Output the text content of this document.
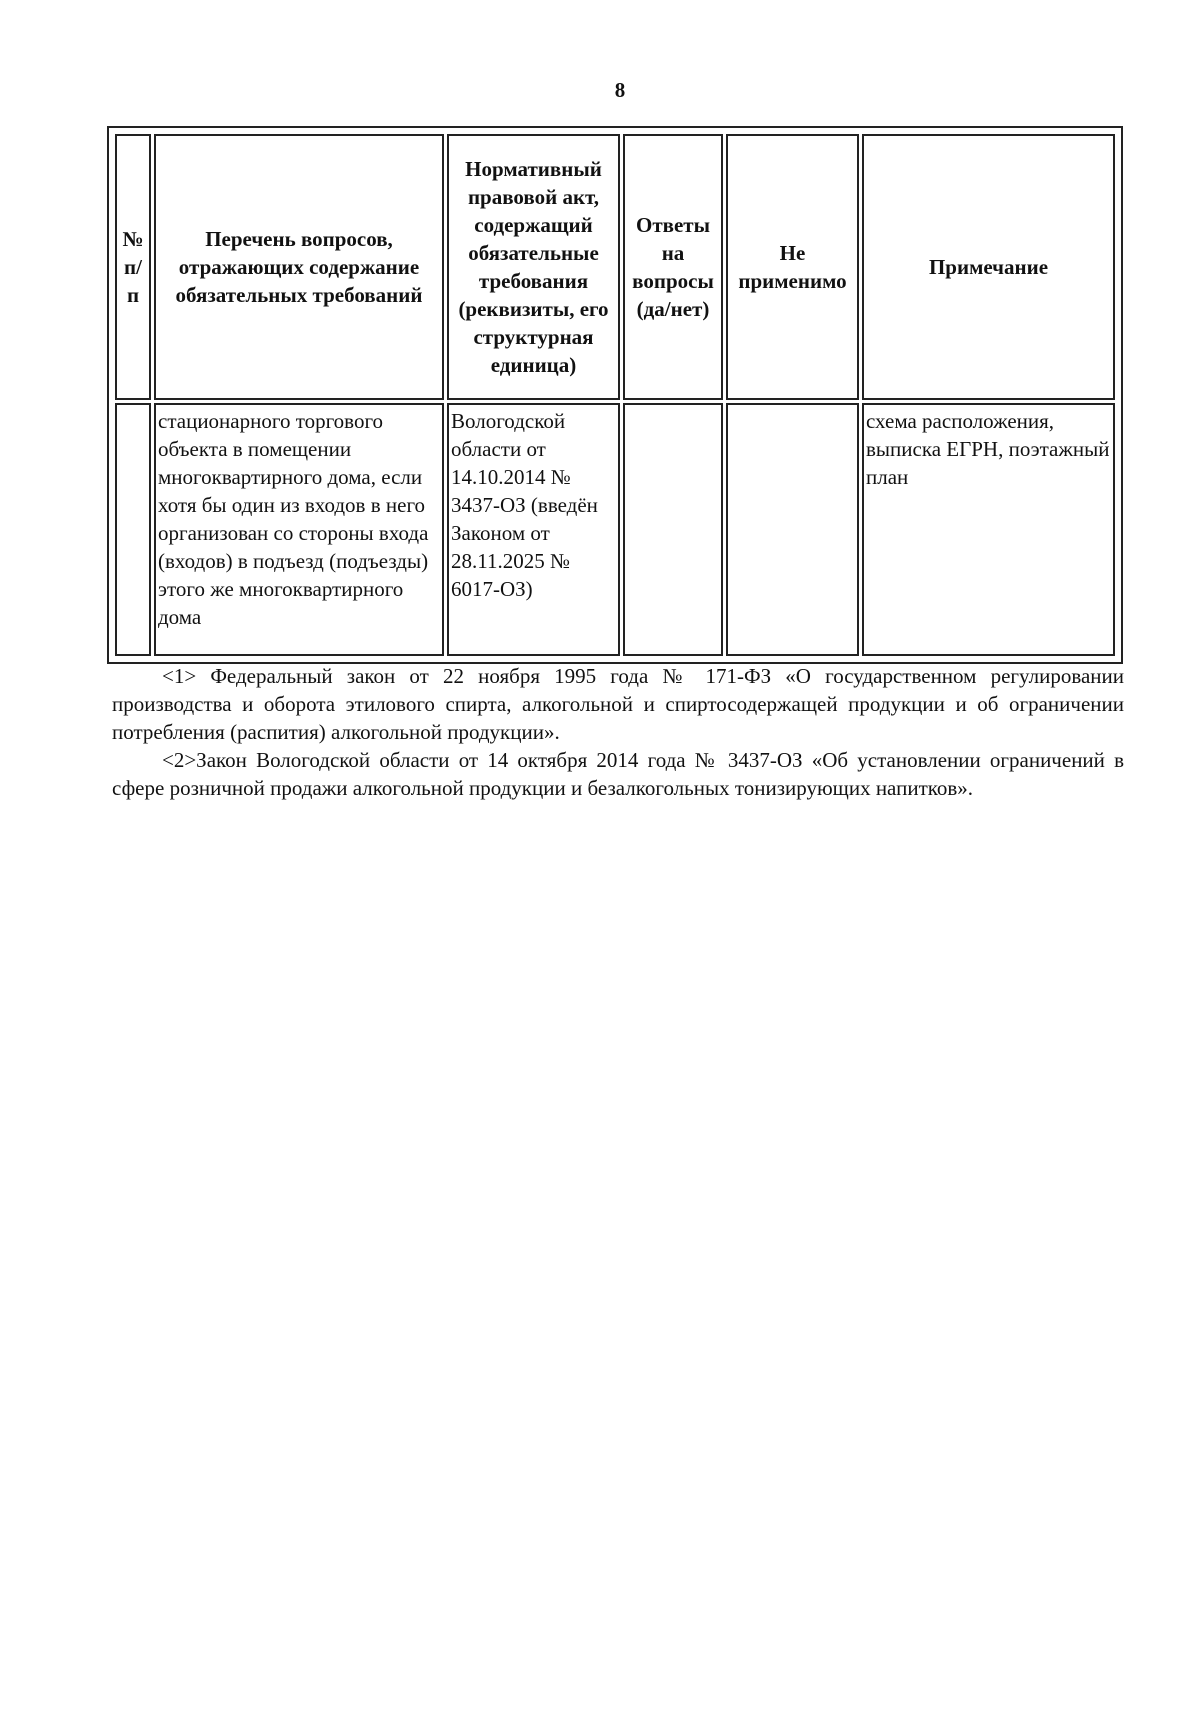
8
№ п/п	Перечень вопросов, отражающих содержание обязательных требований	Нормативный правовой акт, содержащий обязательные требования (реквизиты, его структурная единица)	Ответы на вопросы (да/нет)	Не применимо	Примечание
	стационарного торгового объекта в помещении многоквартирного дома, если хотя бы один из входов в него организован со стороны входа (входов) в подъезд (подъезды) этого же многоквартирного дома	Вологодской области от 14.10.2014 № 3437-ОЗ (введён Законом от 28.11.2025 № 6017-ОЗ)			схема расположения, выписка ЕГРН, поэтажный план

<1> Федеральный закон от 22 ноября 1995 года № 171-ФЗ «О государственном регулировании производства и оборота этилового спирта, алкогольной и спиртосодержащей продукции и об ограничении потребления (распития) алкогольной продукции».

<2>Закон Вологодской области от 14 октября 2014 года № 3437-ОЗ «Об установлении ограничений в сфере розничной продажи алкогольной продукции и безалкогольных тонизирующих напитков».
